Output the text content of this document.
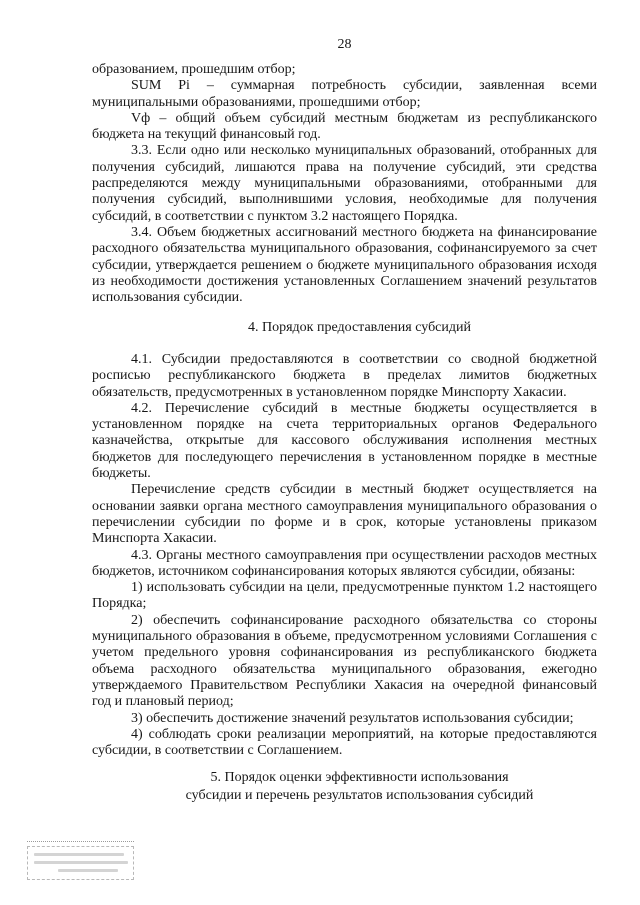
28
образованием, прошедшим отбор;
SUM Pi – суммарная потребность субсидии, заявленная всеми
муниципальными образованиями, прошедшими отбор;
Vф – общий объем субсидий местным бюджетам из республиканского
бюджета на текущий финансовый год.
3.3. Если одно или несколько муниципальных образований, отобранных для
получения субсидий, лишаются права на получение субсидий, эти средства
распределяются между муниципальными образованиями, отобранными для
получения субсидий, выполнившими условия, необходимые для получения
субсидий, в соответствии с пунктом 3.2 настоящего Порядка.
3.4. Объем бюджетных ассигнований местного бюджета на финансирование
расходного обязательства муниципального образования, софинансируемого за счет
субсидии, утверждается решением о бюджете муниципального образования исходя
из необходимости достижения установленных Соглашением значений результатов
использования субсидии.
4. Порядок предоставления субсидий
4.1. Субсидии предоставляются в соответствии со сводной бюджетной
росписью республиканского бюджета в пределах лимитов бюджетных
обязательств, предусмотренных в установленном порядке Минспорту Хакасии.
4.2. Перечисление субсидий в местные бюджеты осуществляется в
установленном порядке на счета территориальных органов Федерального
казначейства, открытые для кассового обслуживания исполнения местных
бюджетов для последующего перечисления в установленном порядке в местные
бюджеты.
Перечисление средств субсидии в местный бюджет осуществляется на
основании заявки органа местного самоуправления муниципального образования о
перечислении субсидии по форме и в срок, которые установлены приказом
Минспорта Хакасии.
4.3. Органы местного самоуправления при осуществлении расходов местных
бюджетов, источником софинансирования которых являются субсидии, обязаны:
1) использовать субсидии на цели, предусмотренные пунктом 1.2 настоящего
Порядка;
2) обеспечить софинансирование расходного обязательства со стороны
муниципального образования в объеме, предусмотренном условиями Соглашения с
учетом предельного уровня софинансирования из республиканского бюджета
объема расходного обязательства муниципального образования, ежегодно
утверждаемого Правительством Республики Хакасия на очередной финансовый
год и плановый период;
3) обеспечить достижение значений результатов использования субсидии;
4) соблюдать сроки реализации мероприятий, на которые предоставляются
субсидии, в соответствии с Соглашением.
5. Порядок оценки эффективности использования
субсидии и перечень результатов использования субсидий
